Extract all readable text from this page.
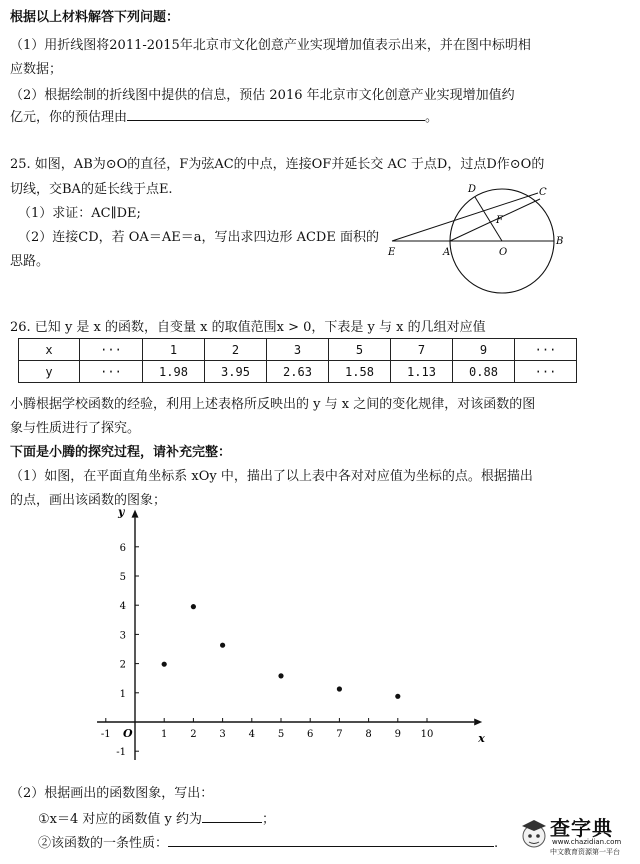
根据以上材料解答下列问题：
（1）用折线图将2011-2015年北京市文化创意产业实现增加值表示出来，并在图中标明相
应数据；
（2）根据绘制的折线图中提供的信息，预估 2016 年北京市文化创意产业实现增加值约
亿元，你的预估理由	。
25. 如图，AB为⊙O的直径，F为弦AC的中点，连接OF并延长交 AC 于点D，过点D作⊙O的
切线，交BA的延长线于点E.
（1）求证：AC∥DE;
（2）连接CD，若 OA＝AE＝a，写出求四边形 ACDE 面积的
思路。
E	A	O
B
D	C
F
26. 已知 y 是 x 的函数，自变量 x 的取值范围x > 0，下表是 y 与 x 的几组对应值
x	···	1	2	3	5	7	9	···
y	···	1.98	3.95	2.63	1.58	1.13	0.88	···
小腾根据学校函数的经验，利用上述表格所反映出的 y 与 x 之间的变化规律，对该函数的图
象与性质进行了探究。
下面是小腾的探究过程，请补充完整：
（1）如图，在平面直角坐标系 xOy 中，描出了以上表中各对对应值为坐标的点。根据描出
的点，画出该函数的图象；
x
y
O
-1	1 2 3 4 5 6 7 8 9 10
-1
1
2
3
4
5
6
（2）根据画出的函数图象，写出：
①x＝4 对应的函数值 y 约为	；
②该函数的一条性质：	.
查字典
www.chazidian.com
中文教育资源第一平台
